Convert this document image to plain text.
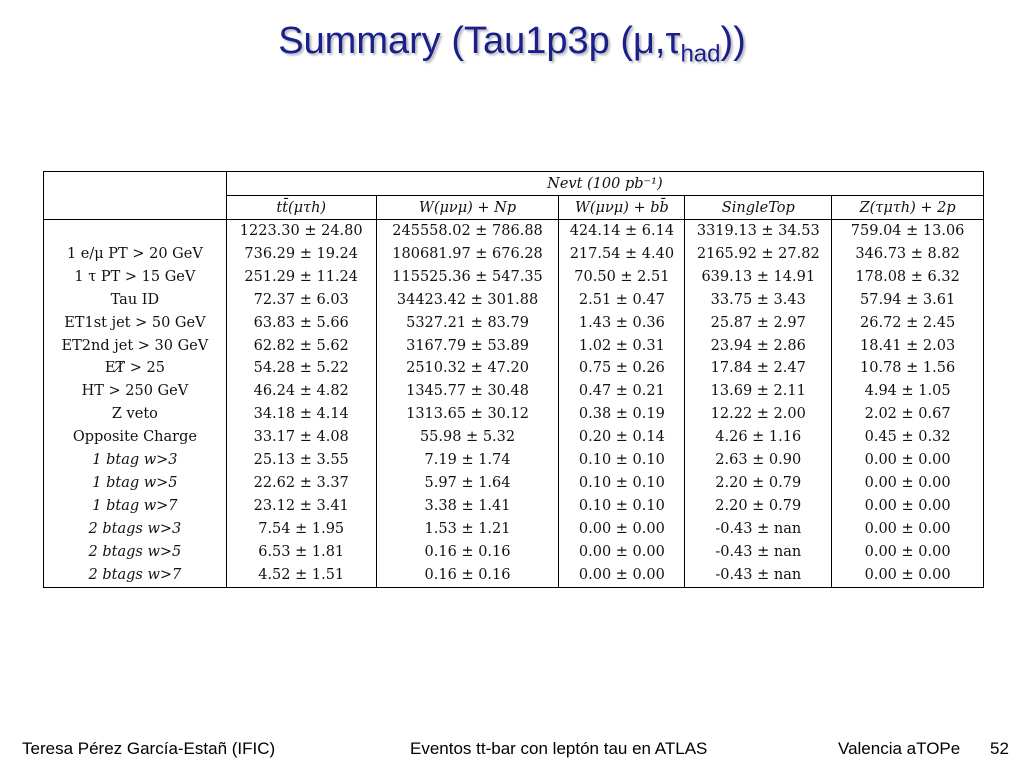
Summary (Tau1p3p $(\mu,\tau_{had})$)
	Nevt (100 pb⁻¹)				
	tt̄(μτh)	W(μνμ) + Np	W(μνμ) + bb̄	SingleTop	Z(τμτh) + 2p
	1223.30 ± 24.80	245558.02 ± 786.88	424.14 ± 6.14	3319.13 ± 34.53	759.04 ± 13.06
1 e/μ PT > 20 GeV	736.29 ± 19.24	180681.97 ± 676.28	217.54 ± 4.40	2165.92 ± 27.82	346.73 ± 8.82
1 τ PT > 15 GeV	251.29 ± 11.24	115525.36 ± 547.35	70.50 ± 2.51	639.13 ± 14.91	178.08 ± 6.32
Tau ID	72.37 ± 6.03	34423.42 ± 301.88	2.51 ± 0.47	33.75 ± 3.43	57.94 ± 3.61
ET1st jet > 50 GeV	63.83 ± 5.66	5327.21 ± 83.79	1.43 ± 0.36	25.87 ± 2.97	26.72 ± 2.45
ET2nd jet > 30 GeV	62.82 ± 5.62	3167.79 ± 53.89	1.02 ± 0.31	23.94 ± 2.86	18.41 ± 2.03
ET̸ > 25	54.28 ± 5.22	2510.32 ± 47.20	0.75 ± 0.26	17.84 ± 2.47	10.78 ± 1.56
HT > 250 GeV	46.24 ± 4.82	1345.77 ± 30.48	0.47 ± 0.21	13.69 ± 2.11	4.94 ± 1.05
Z veto	34.18 ± 4.14	1313.65 ± 30.12	0.38 ± 0.19	12.22 ± 2.00	2.02 ± 0.67
Opposite Charge	33.17 ± 4.08	55.98 ± 5.32	0.20 ± 0.14	4.26 ± 1.16	0.45 ± 0.32
1 btag w>3	25.13 ± 3.55	7.19 ± 1.74	0.10 ± 0.10	2.63 ± 0.90	0.00 ± 0.00
1 btag w>5	22.62 ± 3.37	5.97 ± 1.64	0.10 ± 0.10	2.20 ± 0.79	0.00 ± 0.00
1 btag w>7	23.12 ± 3.41	3.38 ± 1.41	0.10 ± 0.10	2.20 ± 0.79	0.00 ± 0.00
2 btags w>3	7.54 ± 1.95	1.53 ± 1.21	0.00 ± 0.00	-0.43 ± nan	0.00 ± 0.00
2 btags w>5	6.53 ± 1.81	0.16 ± 0.16	0.00 ± 0.00	-0.43 ± nan	0.00 ± 0.00
2 btags w>7	4.52 ± 1.51	0.16 ± 0.16	0.00 ± 0.00	-0.43 ± nan	0.00 ± 0.00
Teresa Pérez García-Estañ (IFIC)	Eventos tt-bar con leptón tau en ATLAS	Valencia aTOPe 52
